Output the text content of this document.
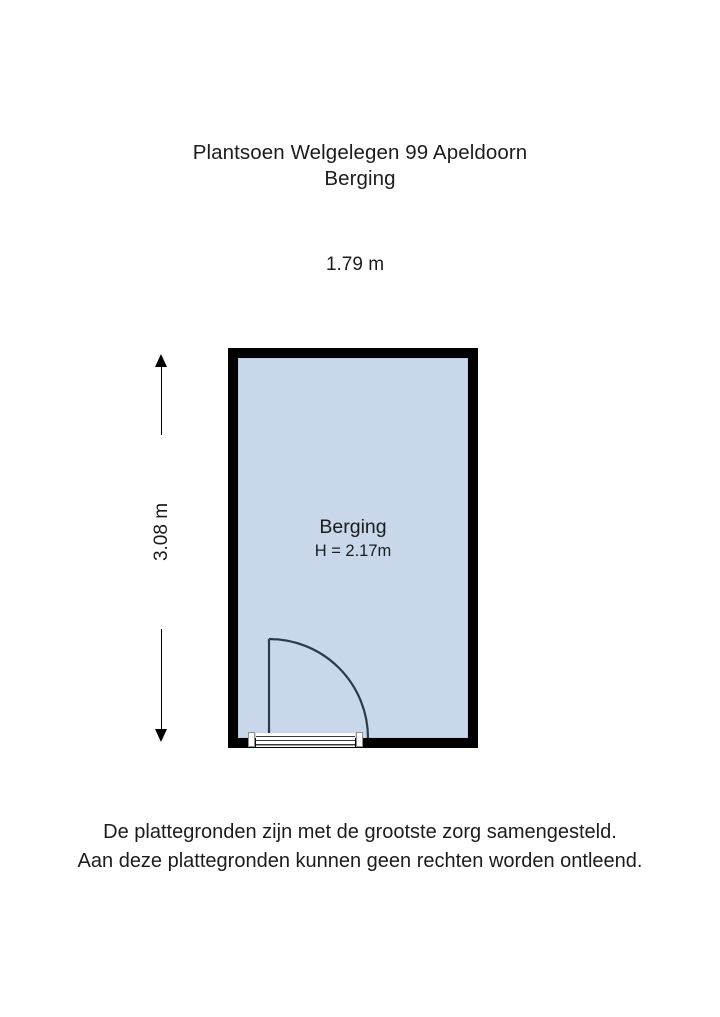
Plantsoen Welgelegen 99 Apeldoorn
Berging
1.79 m
3.08 m	Berging
H = 2.17m
De plattegronden zijn met de grootste zorg samengesteld.
Aan deze plattegronden kunnen geen rechten worden ontleend.
